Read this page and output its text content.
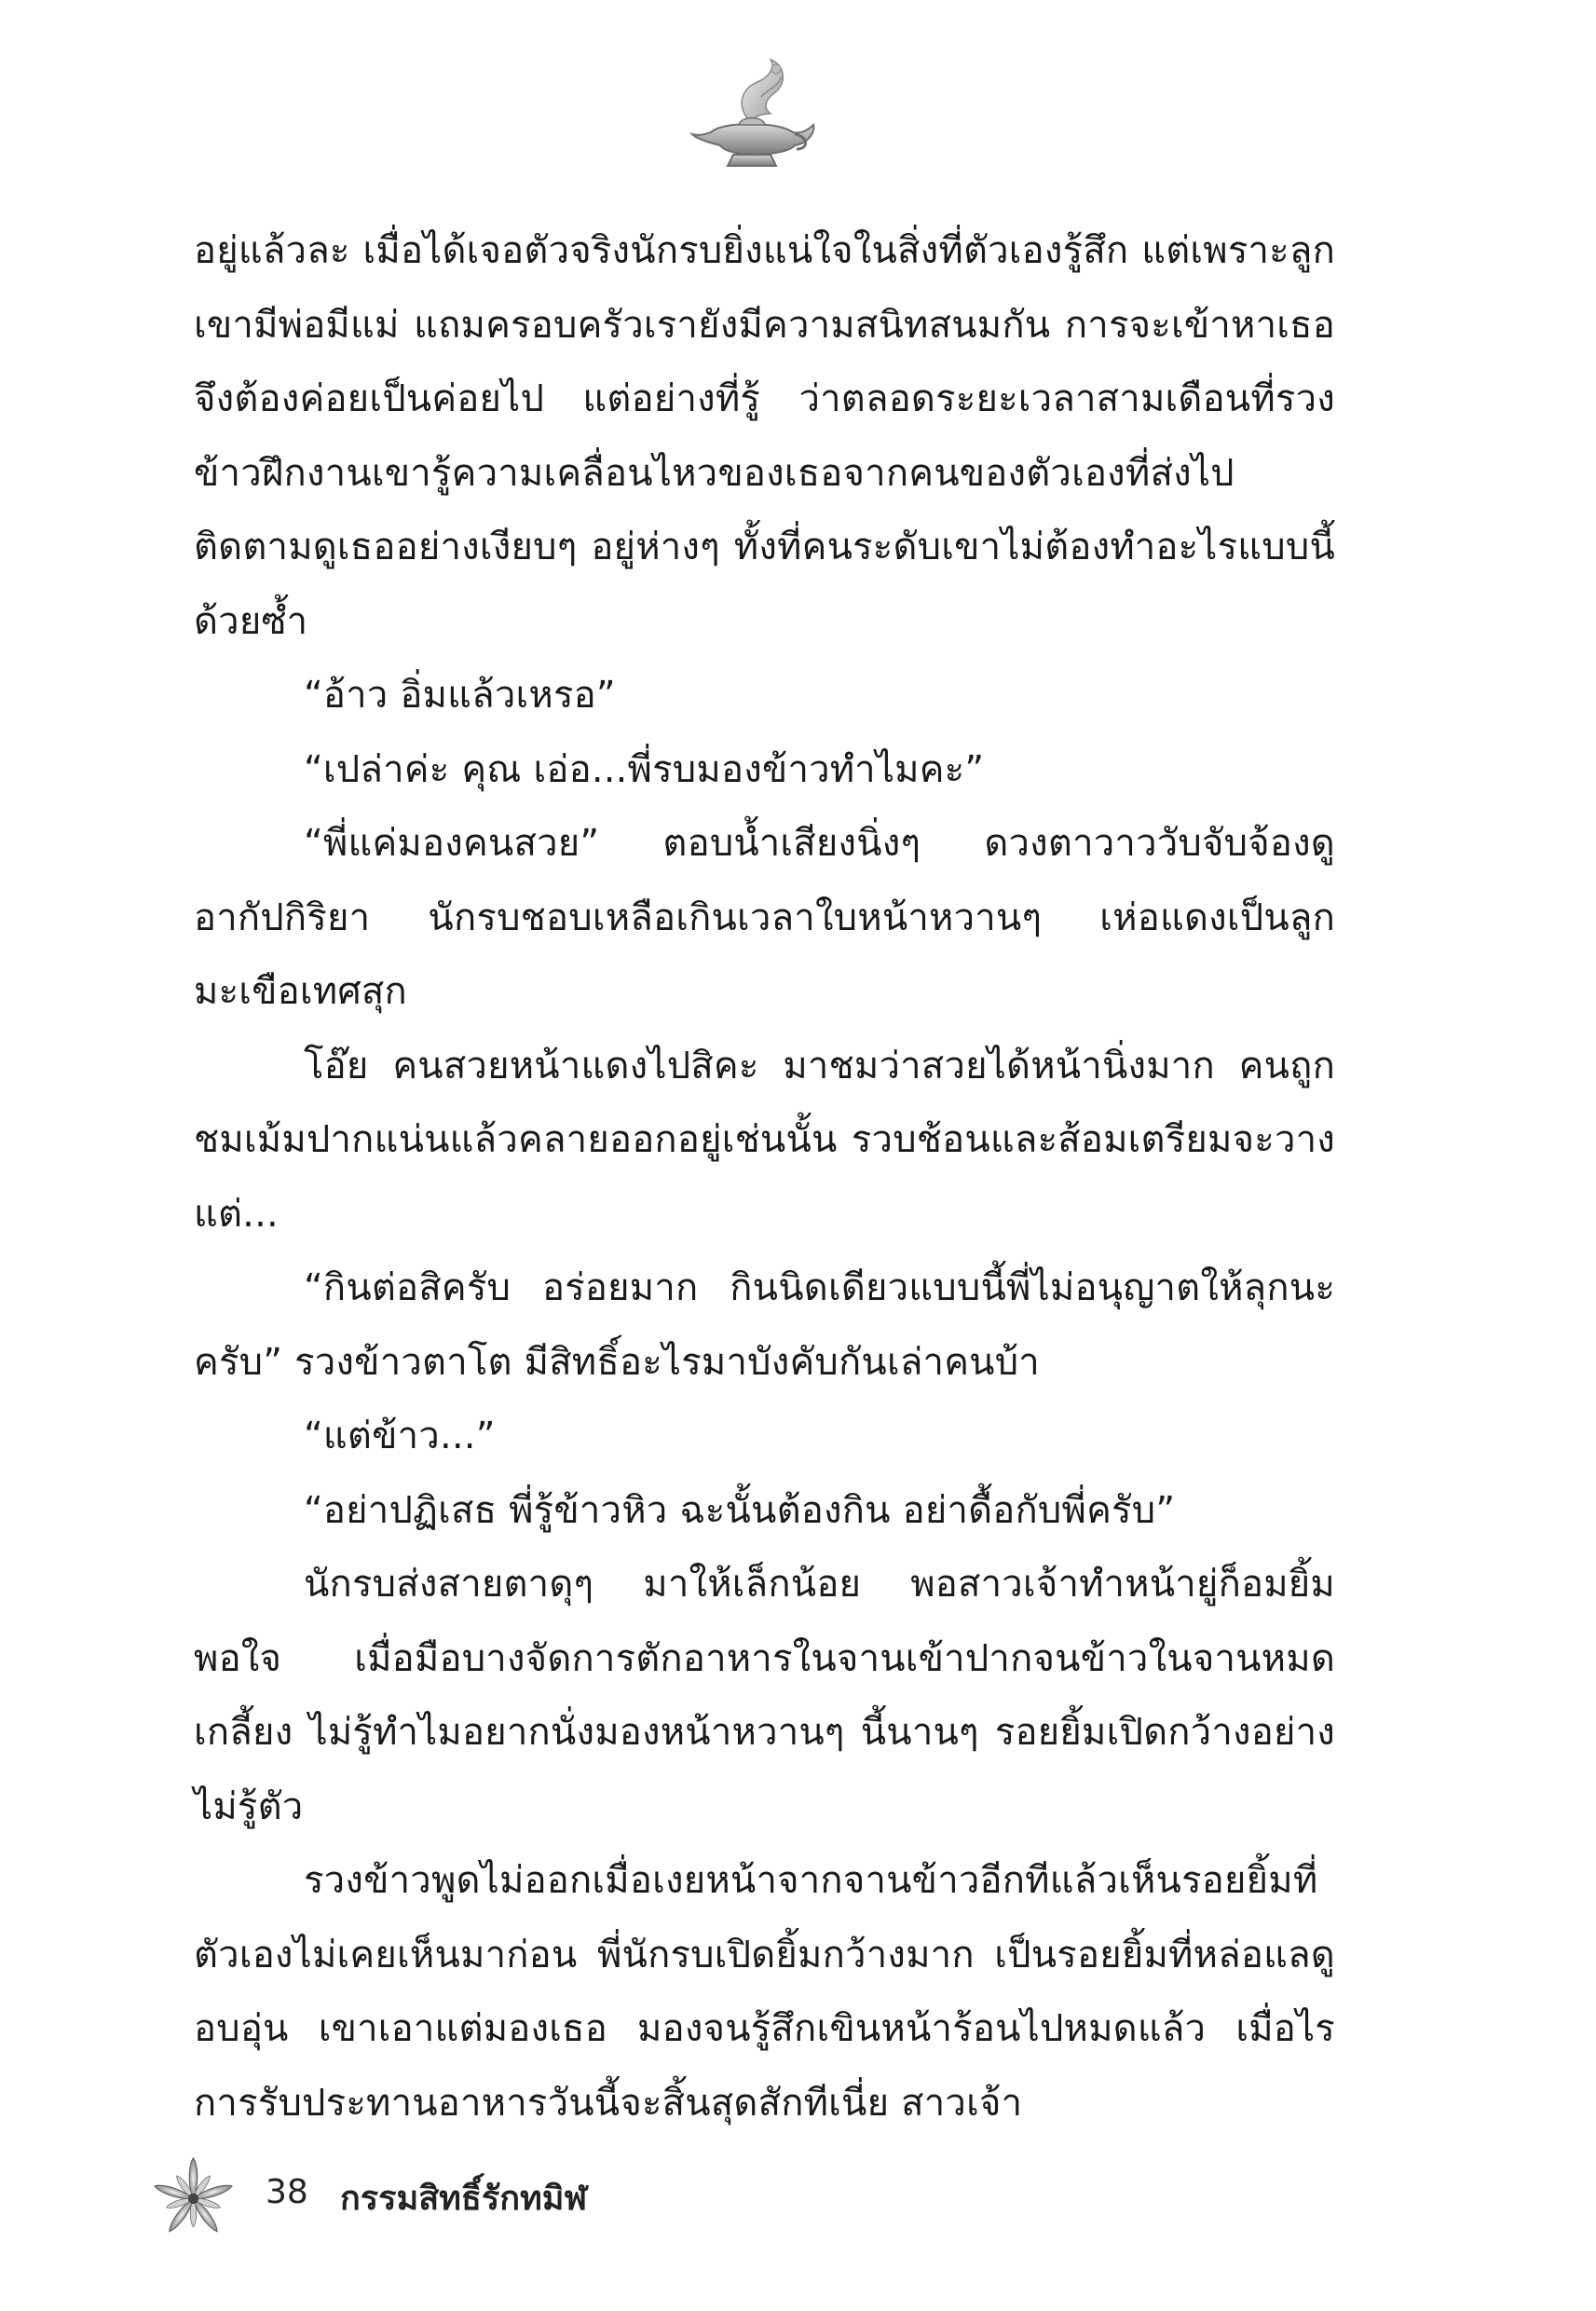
อยู่แล้วละ เมื่อได้เจอตัวจริงนักรบยิ่งแน่ใจในสิ่งที่ตัวเองรู้สึก แต่เพราะลูกเขามีพ่อมีแม่ แถมครอบครัวเรายังมีความสนิทสนมกัน การจะเข้าหาเธอจึงต้องค่อยเป็นค่อยไป แต่อย่างที่รู้ ว่าตลอดระยะเวลาสามเดือนที่รวงข้าวฝึกงานเขารู้ความเคลื่อนไหวของเธอจากคนของตัวเองที่ส่งไปติดตามดูเธออย่างเงียบๆ อยู่ห่างๆ ทั้งที่คนระดับเขาไม่ต้องทำอะไรแบบนี้ด้วยซ้ำ

“อ้าว อิ่มแล้วเหรอ”

“เปล่าค่ะ คุณ เอ่อ...พี่รบมองข้าวทำไมคะ”

“พี่แค่มองคนสวย” ตอบน้ำเสียงนิ่งๆ ดวงตาวาววับจับจ้องดูอากัปกิริยา นักรบชอบเหลือเกินเวลาใบหน้าหวานๆ เห่อแดงเป็นลูกมะเขือเทศสุก

โอ๊ย คนสวยหน้าแดงไปสิคะ มาชมว่าสวยได้หน้านิ่งมาก คนถูกชมเม้มปากแน่นแล้วคลายออกอยู่เช่นนั้น รวบช้อนและส้อมเตรียมจะวาง แต่...

“กินต่อสิครับ อร่อยมาก กินนิดเดียวแบบนี้พี่ไม่อนุญาตให้ลุกนะครับ” รวงข้าวตาโต มีสิทธิ์อะไรมาบังคับกันเล่าคนบ้า

“แต่ข้าว...”

“อย่าปฏิเสธ พี่รู้ข้าวหิว ฉะนั้นต้องกิน อย่าดื้อกับพี่ครับ”

นักรบส่งสายตาดุๆ มาให้เล็กน้อย พอสาวเจ้าทำหน้ายู่ก็อมยิ้มพอใจ เมื่อมือบางจัดการตักอาหารในจานเข้าปากจนข้าวในจานหมดเกลี้ยง ไม่รู้ทำไมอยากนั่งมองหน้าหวานๆ นี้นานๆ รอยยิ้มเปิดกว้างอย่างไม่รู้ตัว

รวงข้าวพูดไม่ออกเมื่อเงยหน้าจากจานข้าวอีกทีแล้วเห็นรอยยิ้มที่ตัวเองไม่เคยเห็นมาก่อน พี่นักรบเปิดยิ้มกว้างมาก เป็นรอยยิ้มที่หล่อแลดูอบอุ่น เขาเอาแต่มองเธอ มองจนรู้สึกเขินหน้าร้อนไปหมดแล้ว เมื่อไรการรับประทานอาหารวันนี้จะสิ้นสุดสักทีเนี่ย สาวเจ้า

38 กรรมสิทธิ์รักทมิฬ
